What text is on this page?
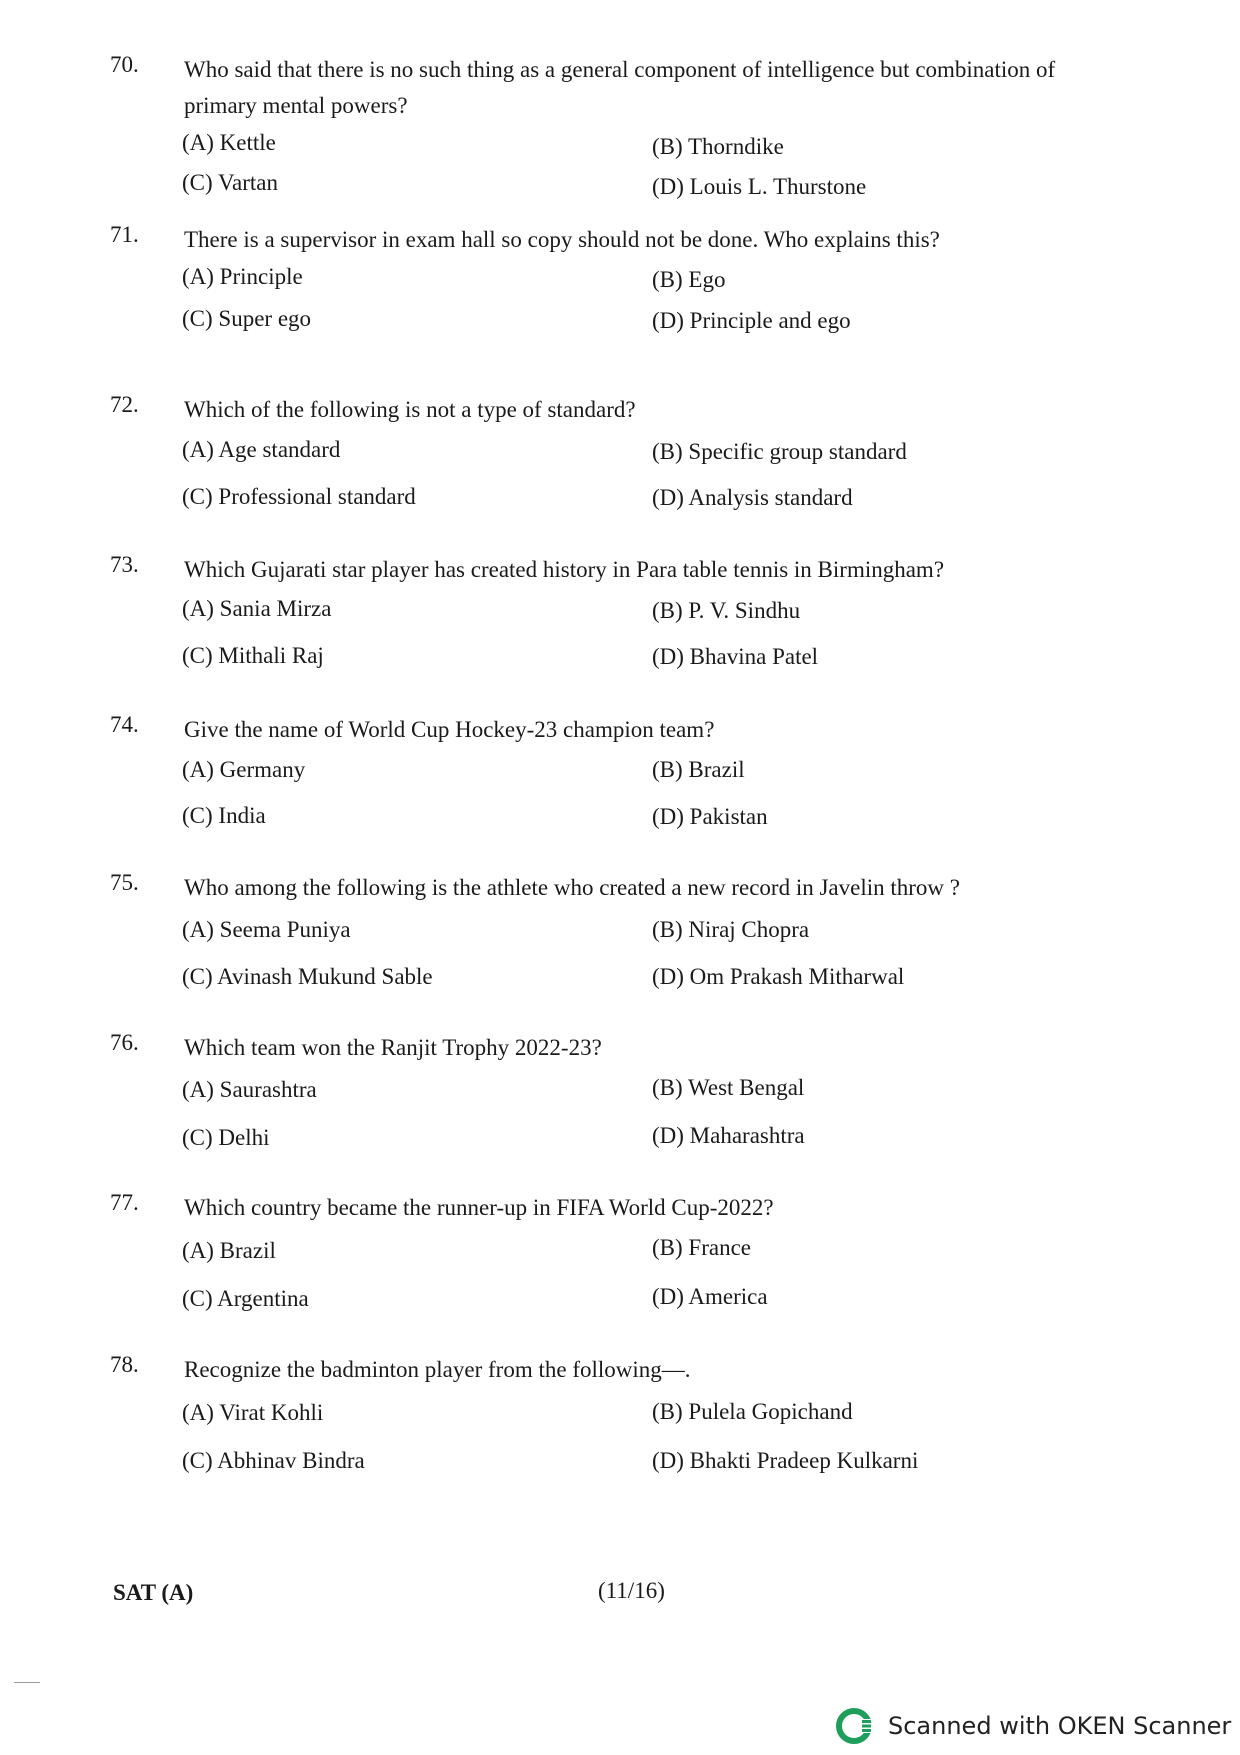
70. Who said that there is no such thing as a general component of intelligence but combination of primary mental powers?
(A) Kettle	(B) Thorndike
(C) Vartan	(D) Louis L. Thurstone
71. There is a supervisor in exam hall so copy should not be done. Who explains this?
(A) Principle	(B) Ego
(C) Super ego	(D) Principle and ego
72. Which of the following is not a type of standard?
(A) Age standard	(B) Specific group standard
(C) Professional standard	(D) Analysis standard
73. Which Gujarati star player has created history in Para table tennis in Birmingham?
(A) Sania Mirza	(B) P. V. Sindhu
(C) Mithali Raj	(D) Bhavina Patel
74. Give the name of World Cup Hockey-23 champion team?
(A) Germany	(B) Brazil
(C) India	(D) Pakistan
75. Who among the following is the athlete who created a new record in Javelin throw ?
(A) Seema Puniya	(B) Niraj Chopra
(C) Avinash Mukund Sable	(D) Om Prakash Mitharwal
76. Which team won the Ranjit Trophy 2022-23?
(A) Saurashtra	(B) West Bengal
(C) Delhi	(D) Maharashtra
77. Which country became the runner-up in FIFA World Cup-2022?
(A) Brazil	(B) France
(C) Argentina	(D) America
78. Recognize the badminton player from the following—.
(A) Virat Kohli	(B) Pulela Gopichand
(C) Abhinav Bindra	(D) Bhakti Pradeep Kulkarni
SAT (A)	(11/16)
Scanned with OKEN Scanner
